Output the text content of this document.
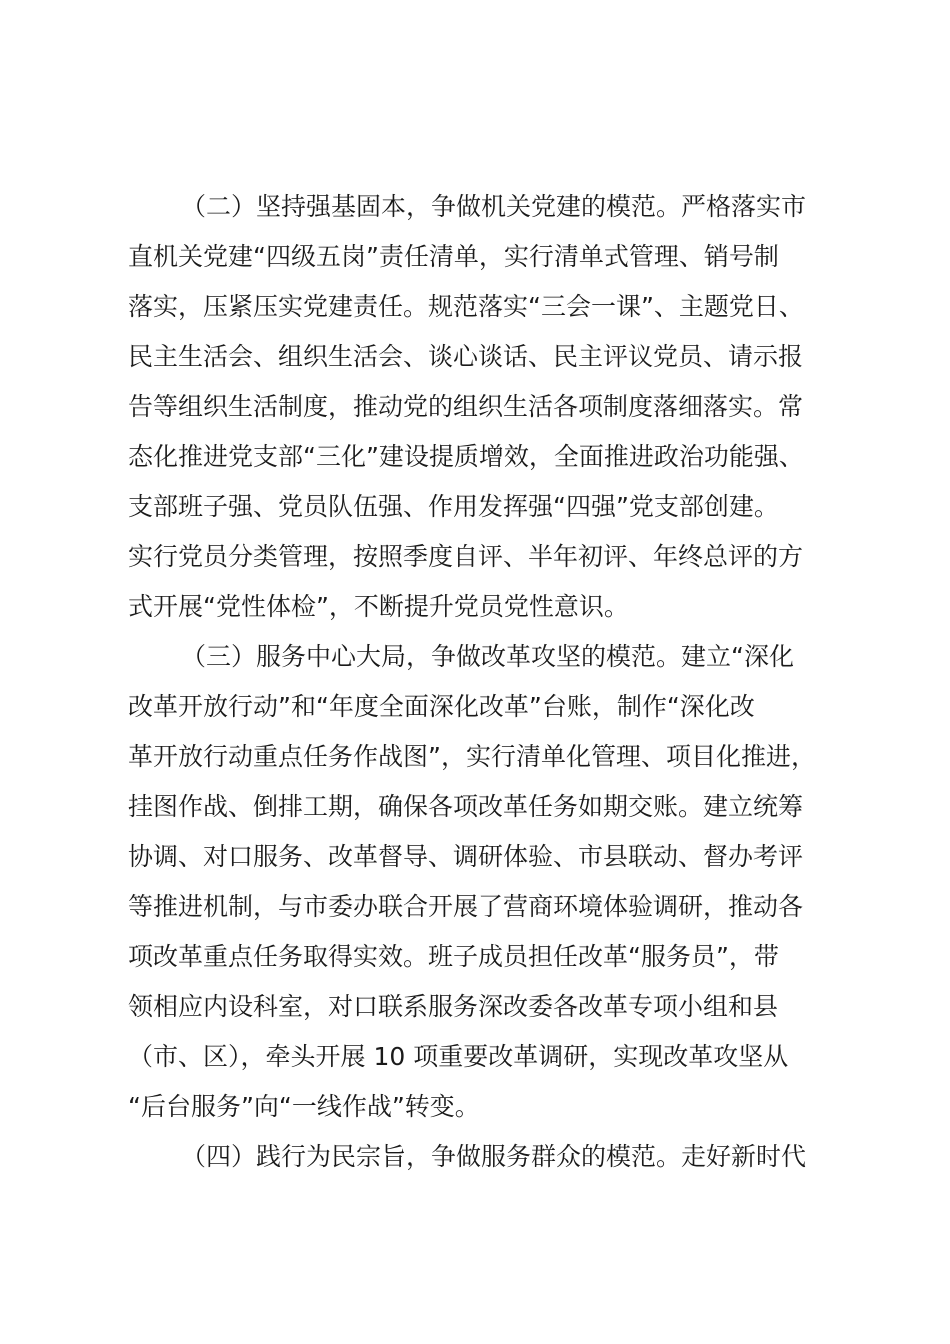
（二）坚持强基固本，争做机关党建的模范。严格落实市
直机关党建“四级五岗”责任清单，实行清单式管理、销号制
落实，压紧压实党建责任。规范落实“三会一课”、主题党日、
民主生活会、组织生活会、谈心谈话、民主评议党员、请示报
告等组织生活制度，推动党的组织生活各项制度落细落实。常
态化推进党支部“三化”建设提质增效，全面推进政治功能强、
支部班子强、党员队伍强、作用发挥强“四强”党支部创建。
实行党员分类管理，按照季度自评、半年初评、年终总评的方
式开展“党性体检”，不断提升党员党性意识。
（三）服务中心大局，争做改革攻坚的模范。建立“深化
改革开放行动”和“年度全面深化改革”台账，制作“深化改
革开放行动重点任务作战图”，实行清单化管理、项目化推进，
挂图作战、倒排工期，确保各项改革任务如期交账。建立统筹
协调、对口服务、改革督导、调研体验、市县联动、督办考评
等推进机制，与市委办联合开展了营商环境体验调研，推动各
项改革重点任务取得实效。班子成员担任改革“服务员”，带
领相应内设科室，对口联系服务深改委各改革专项小组和县
（市、区），牵头开展 10 项重要改革调研，实现改革攻坚从
“后台服务”向“一线作战”转变。
（四）践行为民宗旨，争做服务群众的模范。走好新时代
